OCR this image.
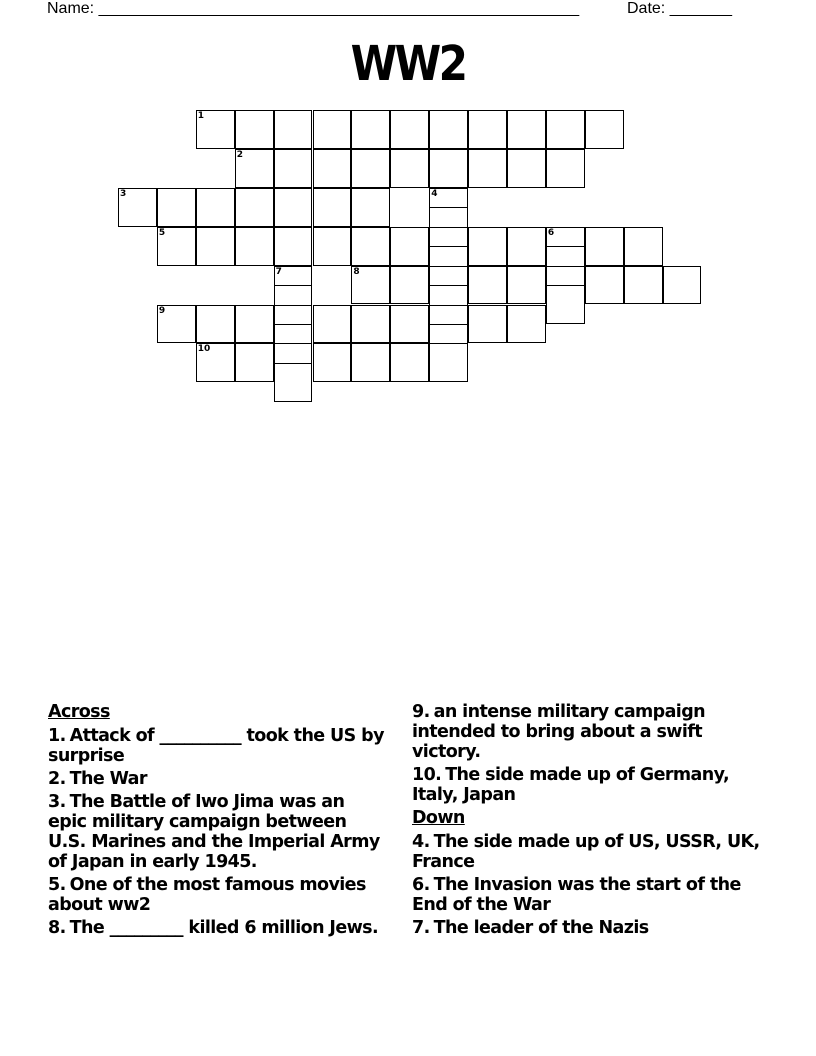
Name: ______________________________________________________	Date: _______
WW2
1
2
3	4
5	6
7	8
9
10
Across
1. Attack of __________ took the US by surprise
2. The War
3. The Battle of Iwo Jima was an epic military campaign between U.S. Marines and the Imperial Army of Japan in early 1945.
5. One of the most famous movies about ww2
8. The _________ killed 6 million Jews.
9. an intense military campaign intended to bring about a swift victory.
10. The side made up of Germany, Italy, Japan
Down
4. The side made up of US, USSR, UK, France
6. The Invasion was the start of the End of the War
7. The leader of the Nazis
